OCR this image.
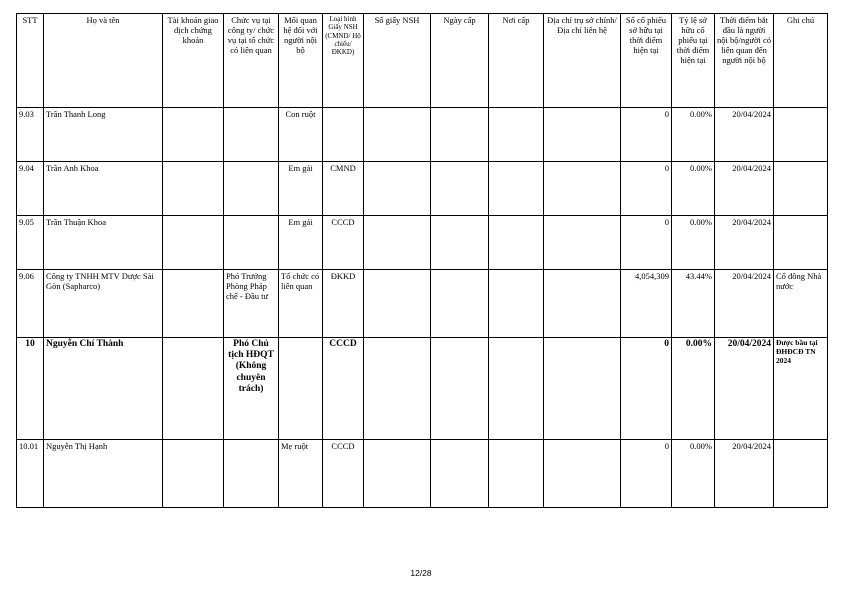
STT	Họ và tên	Tài khoản giao dịch chứng khoán	Chức vụ tại công ty/ chức vụ tại tổ chức có liên quan	Mối quan hệ đối với người nội bộ	Loại hình Giấy NSH (CMND/ Hộ chiếu/ ĐKKD)	Số giấy NSH	Ngày cấp	Nơi cấp	Địa chỉ trụ sở chính/Địa chỉ liên hệ	Số cổ phiếu sở hữu tại thời điểm hiện tại	Tỷ lệ sở hữu cổ phiếu tại thời điểm hiện tại	Thời điểm bắt đầu là người nội bộ/người có liên quan đến người nội bộ	Ghi chú
9.03	Trần Thanh Long			Con ruột						0	0.00%	20/04/2024	
9.04	Trần Anh Khoa			Em gái	CMND					0	0.00%	20/04/2024	
9.05	Trần Thuận Khoa			Em gái	CCCD					0	0.00%	20/04/2024	
9.06	Công ty TNHH MTV Dược Sài Gòn (Sapharco)		Phó Trưởng Phòng Pháp chế - Đầu tư	Tổ chức có liên quan	ĐKKD					4,054,309	43.44%	20/04/2024	Cổ đông Nhà nước
10	Nguyễn Chí Thành		Phó Chủ tịch HĐQT (Không chuyên trách)		CCCD					0	0.00%	20/04/2024	Được bầu tại ĐHĐCĐ TN 2024
10.01	Nguyễn Thị Hạnh			Mẹ ruột	CCCD					0	0.00%	20/04/2024	
12/28
